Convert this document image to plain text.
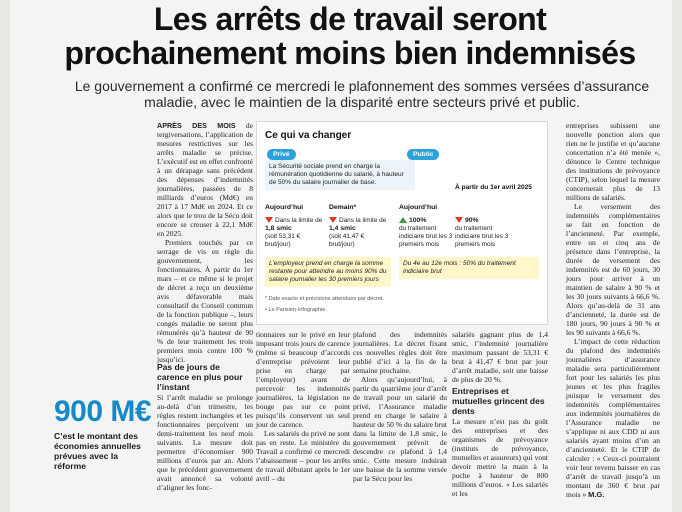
Les arrêts de travail seront prochainement moins bien indemnisés
Le gouvernement a confirmé ce mercredi le plafonnement des sommes versées d’assurance maladie, avec le maintien de la disparité entre secteurs privé et public.

APRÈS DES MOIS de tergiversations, l’application de mesures restrictives sur les arrêts maladie se précise. L’exécutif est en effet confronté à un dérapage sans précédent des dépenses d’indemnités journalières, passées de 8 milliards d’euros (Md€) en 2017 à 17 Md€ en 2024. Et ce alors que le trou de la Sécu doit encore se creuser à 22,1 Md€ en 2025.

Premiers touchés par ce serrage de vis en règle du gouvernement, les fonctionnaires. À partir du 1er mars – et ce même si le projet de décret a reçu un deuxième avis défavorable mais consultatif du Conseil commun de la fonction publique –, leurs congés maladie ne seront plus rémunérés qu’à hauteur de 90 % de leur traitement les trois premiers mois contre 100 % jusqu’ici.

Pas de jours de carence en plus pour l’instant

Si l’arrêt maladie se prolonge au-delà d’un trimestre, les règles restent inchangées et les fonctionnaires perçoivent un demi-traitement les neuf mois suivants. La mesure doit permettre d’économiser 900 millions d’euros par an. Alors que le précédent gouvernement avait annoncé sa volonté d’aligner les fonc-

900 M€
C’est le montant des économies annuelles prévues avec la réforme
Ce qui va changer
Privé	Public
La Sécurité sociale prend en charge la rémunération quotidienne du salarié, à hauteur de 50% du salaire journalier de base.
À partir du 1er avril 2025
Aujourd’hui	Demain*	Aujourd’hui
Dans la limite de 1,8 smic
(soit 53,31 € brut/jour)
Dans la limite de 1,4 smic
(soit 41,47 € brut/jour)
100%
du traitement indiciaire brut les 3 premiers mois
90%
du traitement indiciaire brut les 3 premiers mois
L’employeur prend en charge la somme restante pour atteindre au moins 90% du salaire journalier les 30 premiers jours
Du 4e au 12e mois : 50% du traitement indiciaire brut
* Date exacte et précisions attendues par décret.
• Le Parisien-Infographie.

tionnaires sur le privé en leur imposant trois jours de carence (même si beaucoup d’accords d’entreprise prévoient leur prise en charge par l’employeur) avant de percevoir les indemnités journalières, la législation ne bouge pas sur ce point puisqu’ils conservent un seul jour de carence.

Les salariés du privé ne sont pas en reste. Le ministère du Travail a confirmé ce mercredi l’abaissement – pour les arrêts de travail débutant après le 1er avril – du

plafond des indemnités journalières. Le décret fixant ces nouvelles règles doit être publié d’ici à la fin de la semaine prochaine.

Alors qu’aujourd’hui, à partir du quatrième jour d’arrêt de travail pour un salarié du privé, l’Assurance maladie prend en charge le salaire à hauteur de 50 % du salaire brut dans la limite de 1,8 smic, le gouvernement prévoit de descendre ce plafond à 1,4 smic. Cette mesure induirait une baisse de la somme versée par la Sécu pour les

salariés gagnant plus de 1,4 smic, l’indemnité journalière maximum passant de 53,31 € brut à 41,47 € brut par jour d’arrêt maladie, soit une baisse de plus de 20 %.

Entreprises et mutuelles grincent des dents

La mesure n’est pas du goût des entreprises et des organismes de prévoyance (instituts de prévoyance, mutuelles et assureurs) qui vont devoir mettre la main à la poche à hauteur de 800 millions d’euros. « Les salariés et les

entreprises subissent une nouvelle ponction alors que rien ne le justifie et qu’aucune concertation n’a été menée », dénonce le Centre technique des institutions de prévoyance (CTIP), selon lequel la mesure concernerait plus de 13 millions de salariés.

Le versement des indemnités complémentaires se fait en fonction de l’ancienneté. Par exemple, entre un et cinq ans de présence dans l’entreprise, la durée de versement des indemnités est de 60 jours, 30 jours pour arriver à un maintien de salaire à 90 % et les 30 jours suivants à 66,6 %. Alors qu’au-delà de 31 ans d’ancienneté, la durée est de 180 jours, 90 jours à 90 % et les 90 suivants à 66,6 %.

L’impact de cette réduction du plafond des indemnités journalières d’assurance maladie sera particulièrement fort pour les salariés les plus jeunes et les plus fragiles puisque le versement des indemnités complémentaires aux indemnités journalières de l’Assurance maladie ne s’applique ni aux CDD ni aux salariés ayant moins d’un an d’ancienneté. Et le CTIP de calculer : « Ceux-ci pourraient voir leur revenu baisser en cas d’arrêt de travail jusqu’à un montant de 360 € brut par mois » M.G.
